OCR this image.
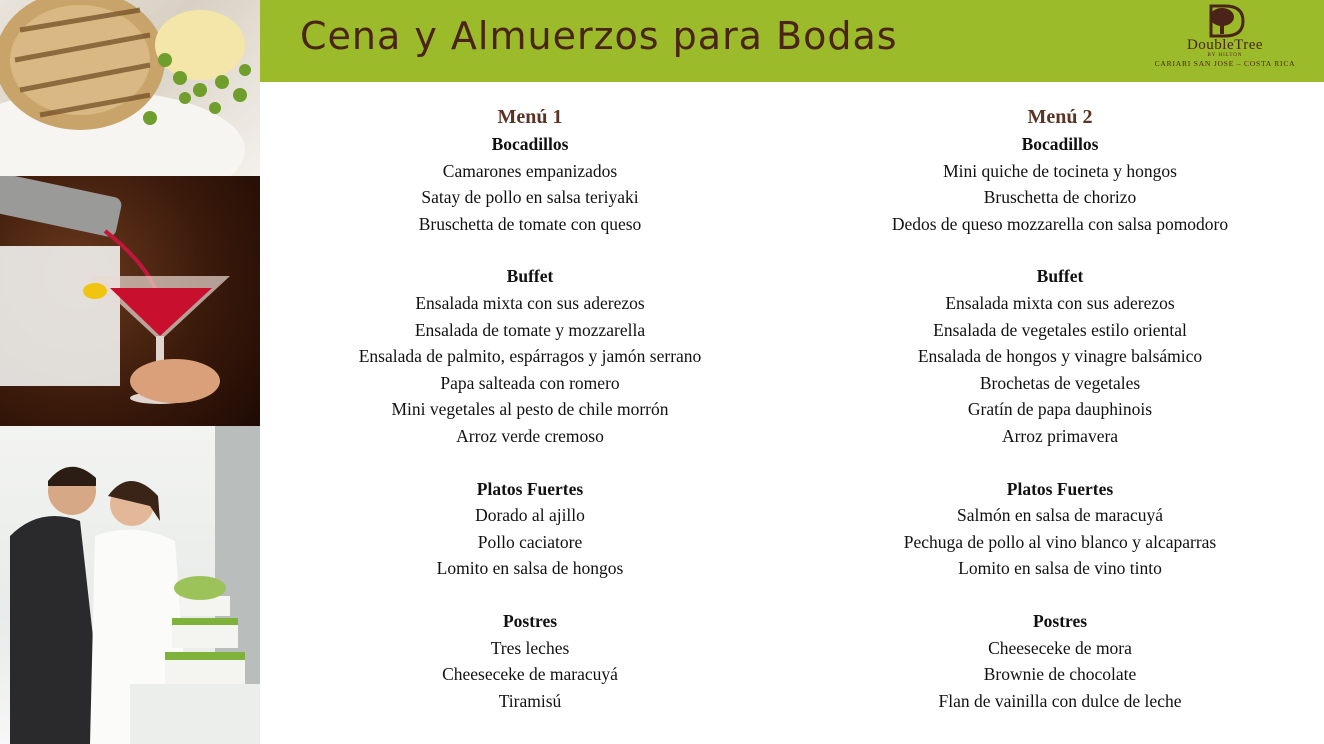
Cena y Almuerzos para Bodas	DoubleTree
BY HILTON
CARIARI SAN JOSE – COSTA RICA
Menú 1
Bocadillos
Camarones empanizados
Satay de pollo en salsa teriyaki
Bruschetta de tomate con queso
Buffet
Ensalada mixta con sus aderezos
Ensalada de tomate y mozzarella
Ensalada de palmito, espárragos y jamón serrano
Papa salteada con romero
Mini vegetales al pesto de chile morrón
Arroz verde cremoso
Platos Fuertes
Dorado al ajillo
Pollo caciatore
Lomito en salsa de hongos
Postres
Tres leches
Cheeseceke de maracuyá
Tiramisú
Menú 2
Bocadillos
Mini quiche de tocineta y hongos
Bruschetta de chorizo
Dedos de queso mozzarella con salsa pomodoro
Buffet
Ensalada mixta con sus aderezos
Ensalada de vegetales estilo oriental
Ensalada de hongos y vinagre balsámico
Brochetas de vegetales
Gratín de papa dauphinois
Arroz primavera
Platos Fuertes
Salmón en salsa de maracuyá
Pechuga de pollo al vino blanco y alcaparras
Lomito en salsa de vino tinto
Postres
Cheeseceke de mora
Brownie de chocolate
Flan de vainilla con dulce de leche
